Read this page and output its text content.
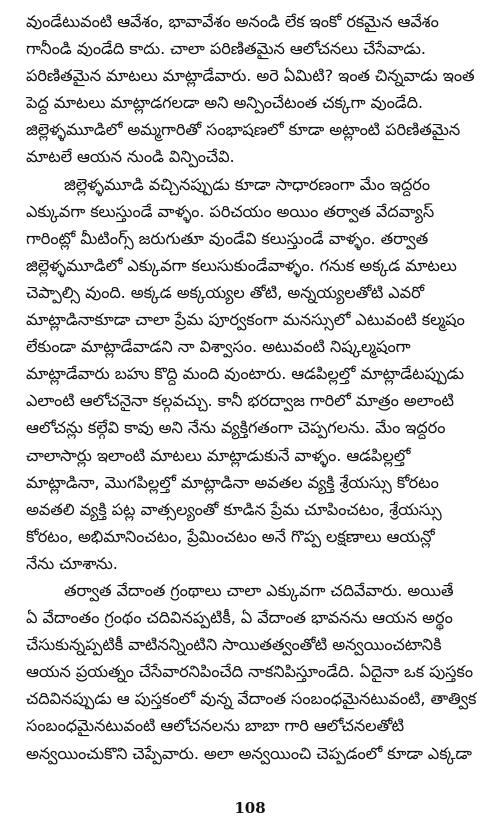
వుండేటువంటి ఆవేశం, భావావేశం అనండి లేక ఇంకో రకమైన ఆవేశం
గానీండి వుండేది కాదు. చాలా పరిణితమైన ఆలోచనలు చేసేవాడు.
పరిణితమైన మాటలు మాట్లాడేవారు. అరె ఏమిటి? ఇంత చిన్నవాడు ఇంత
పెద్ద మాటలు మాట్లాడగలడా అని అన్పించేటంత చక్కగా వుండేది.
జిల్లెళ్ళమూడిలో అమ్మగారితో సంభాషణలో కూడా అట్లాంటి పరిణితమైన
మాటలే ఆయన నుండి విన్పించేవి.
జిల్లెళ్ళమూడి వచ్చినప్పుడు కూడా సాధారణంగా మేం ఇద్దరం
ఎక్కువగా కలుస్తుండే వాళ్ళం. పరిచయం అయిం తర్వాత వేదవ్యాస్
గారింట్లో మీటింగ్స్ జరుగుతూ వుండేవి కలుస్తుండే వాళ్ళం. తర్వాత
జిల్లెళ్ళమూడిలో ఎక్కువగా కలుసుకుండేవాళ్ళం. గనుక అక్కడ మాటలు
చెప్పాల్సి వుంది. అక్కడ అక్కయ్యల తోటి, అన్నయ్యలతోటి ఎవరో
మాట్లాడినాకూడా చాలా ప్రేమ పూర్వకంగా మనస్సులో ఎటువంటి కల్మషం
లేకుండా మాట్లాడేవాడని నా విశ్వాసం. అటువంటి నిష్కల్మషంగా
మాట్లాడేవారు బహు కొద్ది మంది వుంటారు. ఆడపిల్లల్తో మాట్లాడేటప్పుడు
ఎలాంటి ఆలోచనైనా కల్గవచ్చు. కానీ భరద్వాజ గారిలో మాత్రం అలాంటి
ఆలోచన్లు కల్గేవి కావు అని నేను వ్యక్తిగతంగా చెప్పగలను. మేం ఇద్దరం
చాలాసార్లు ఇలాంటి మాటలు మాట్లాడుకునే వాళ్ళం. ఆడపిల్లల్తో
మాట్లాడినా, మొగపిల్లల్తో మాట్లాడినా అవతల వ్యక్తి శ్రేయస్సు కోరటం
అవతలి వ్యక్తి పట్ల వాత్సల్యంతో కూడిన ప్రేమ చూపించటం, శ్రేయస్సు
కోరటం, అభిమానించటం, ప్రేమించటం అనే గొప్ప లక్షణాలు ఆయన్లో
నేను చూశాను.
తర్వాత వేదాంత గ్రంథాలు చాలా ఎక్కువగా చదివేవారు. అయితే
ఏ వేదాంతం గ్రంథం చదివినప్పటికీ, ఏ వేదాంత భావనను ఆయన అర్థం
చేసుకున్నప్పటికీ వాటినన్నింటిని సాయితత్వంతోటి అన్వయించటానికి
ఆయన ప్రయత్నం చేసేవారనిపించేది నాకనిపిస్తూండేది. ఏదైనా ఒక పుస్తకం
చదివినప్పుడు ఆ పుస్తకంలో వున్న వేదాంత సంబంధమైనటువంటి, తాత్విక
సంబంధమైనటువంటి ఆలోచనలను బాబా గారి ఆలోచనలతోటి
అన్వయించుకొని చెప్పేవారు. అలా అన్వయించి చెప్పడంలో కూడా ఎక్కడా
108
